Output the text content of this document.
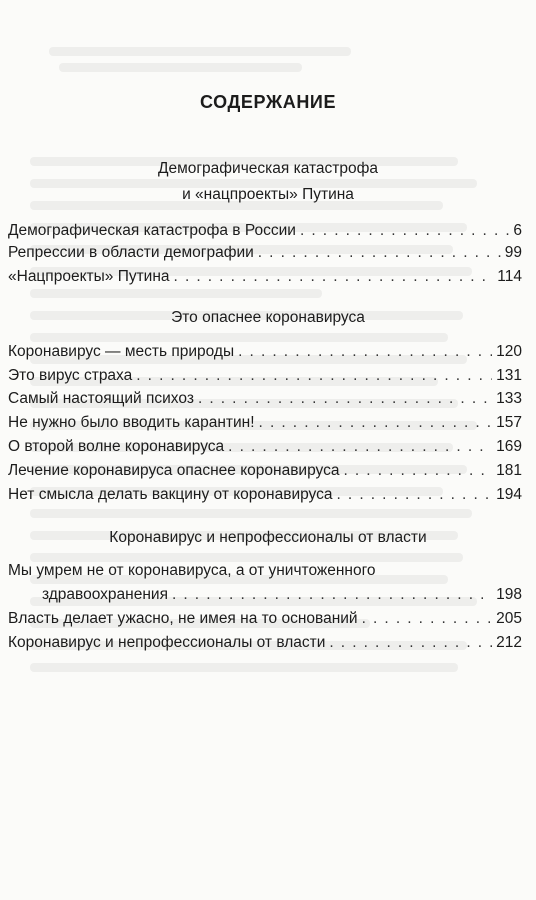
СОДЕРЖАНИЕ
Демографическая катастрофа
и «нацпроекты» Путина
Демографическая катастрофа в России . . .	6
Репрессии в области демографии . . .	99
«Нацпроекты» Путина . . .	114
Это опаснее коронавируса
Коронавирус — месть природы . . .	120
Это вирус страха . . .	131
Самый настоящий психоз . . .	133
Не нужно было вводить карантин! . . .	157
О второй волне коронавируса . . .	169
Лечение коронавируса опаснее коронавируса . . .	181
Нет смысла делать вакцину от коронавируса . . .	194
Коронавирус и непрофессионалы от власти
Мы умрем не от коронавируса, а от уничтоженного
здравоохранения . . .	198
Власть делает ужасно, не имея на то оснований . . .	205
Коронавирус и непрофессионалы от власти . . .	212
